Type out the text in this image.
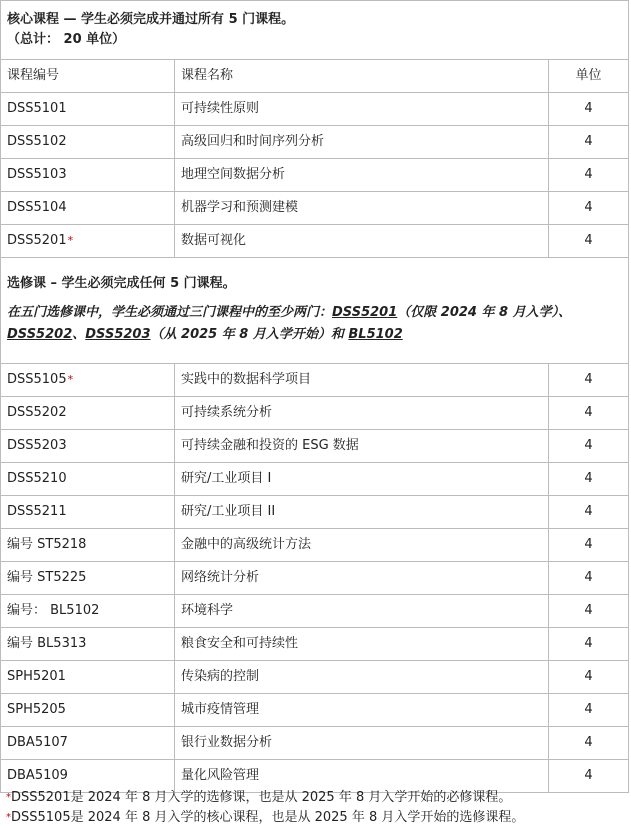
核心课程 — 学生必须完成并通过所有 5 门课程。
（总计： 20 单位）		

课程编号	课程名称	单位
DSS5101	可持续性原则	4
DSS5102	高级回归和时间序列分析	4
DSS5103	地理空间数据分析	4
DSS5104	机器学习和预测建模	4
DSS5201*	数据可视化	4

选修课 – 学生必须完成任何 5 门课程。
在五门选修课中，学生必须通过三门课程中的至少两门：DSS5201（仅限 2024 年 8 月入学）、
DSS5202、DSS5203（从 2025 年 8 月入学开始）和 BL5102		

DSS5105*	实践中的数据科学项目	4
DSS5202	可持续系统分析	4
DSS5203	可持续金融和投资的 ESG 数据	4
DSS5210	研究/工业项目 I	4
DSS5211	研究/工业项目 II	4
编号 ST5218	金融中的高级统计方法	4
编号 ST5225	网络统计分析	4
编号： BL5102	环境科学	4
编号 BL5313	粮食安全和可持续性	4
SPH5201	传染病的控制	4
SPH5205	城市疫情管理	4
DBA5107	银行业数据分析	4
DBA5109	量化风险管理	4
*DSS5201是 2024 年 8 月入学的选修课，也是从 2025 年 8 月入学开始的必修课程。
*DSS5105是 2024 年 8 月入学的核心课程，也是从 2025 年 8 月入学开始的选修课程。
